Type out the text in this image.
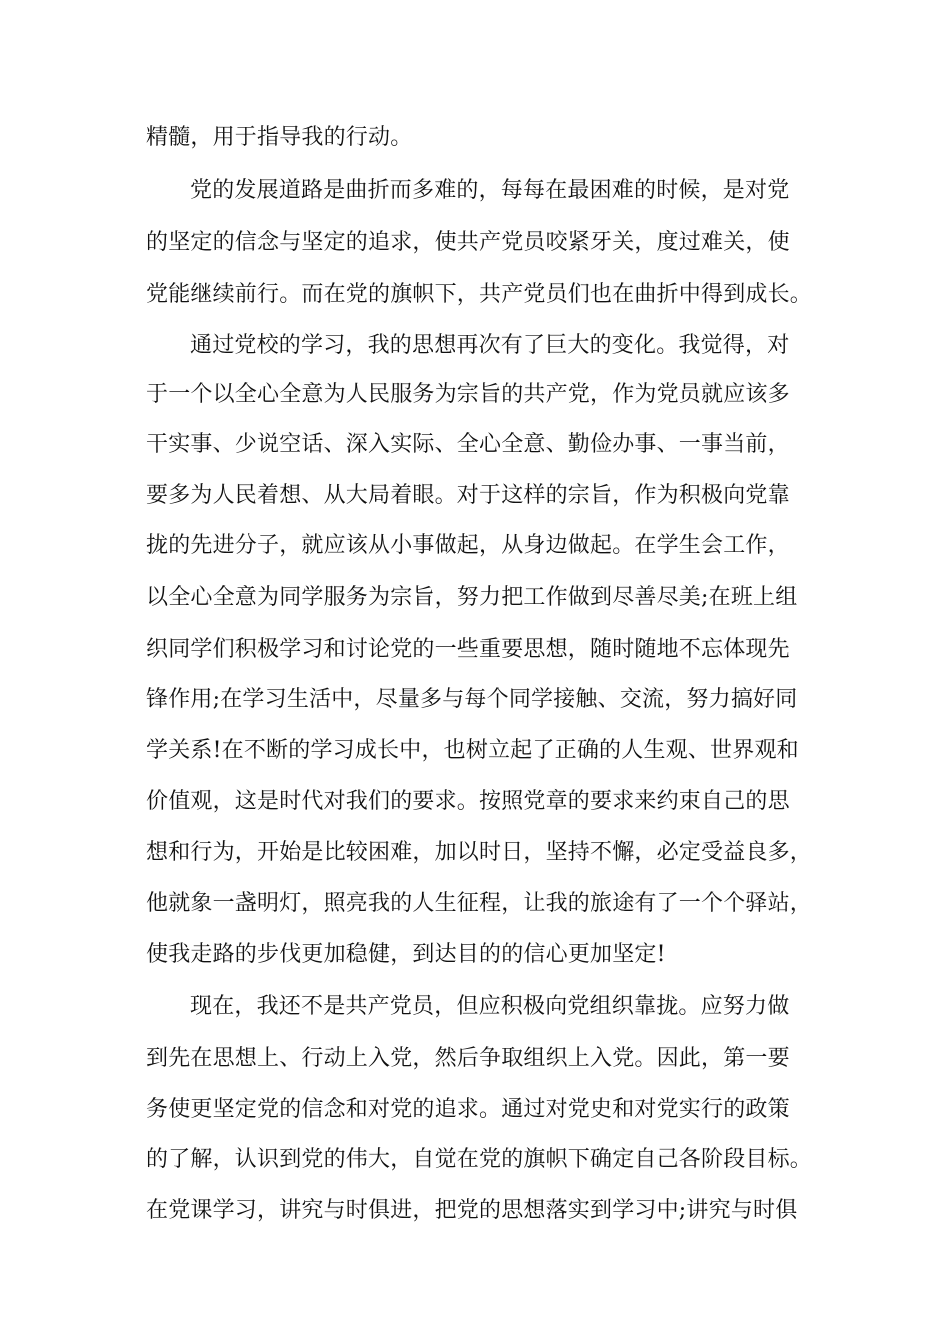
精髓，用于指导我的行动。

党的发展道路是曲折而多难的，每每在最困难的时候，是对党

的坚定的信念与坚定的追求，使共产党员咬紧牙关，度过难关，使

党能继续前行。而在党的旗帜下，共产党员们也在曲折中得到成长。

通过党校的学习，我的思想再次有了巨大的变化。我觉得，对

于一个以全心全意为人民服务为宗旨的共产党，作为党员就应该多

干实事、少说空话、深入实际、全心全意、勤俭办事、一事当前，

要多为人民着想、从大局着眼。对于这样的宗旨，作为积极向党靠

拢的先进分子，就应该从小事做起，从身边做起。在学生会工作，

以全心全意为同学服务为宗旨，努力把工作做到尽善尽美;在班上组

织同学们积极学习和讨论党的一些重要思想，随时随地不忘体现先

锋作用;在学习生活中，尽量多与每个同学接触、交流，努力搞好同

学关系!在不断的学习成长中，也树立起了正确的人生观、世界观和

价值观，这是时代对我们的要求。按照党章的要求来约束自己的思

想和行为，开始是比较困难，加以时日，坚持不懈，必定受益良多，

他就象一盏明灯，照亮我的人生征程，让我的旅途有了一个个驿站，

使我走路的步伐更加稳健，到达目的的信心更加坚定!

现在，我还不是共产党员，但应积极向党组织靠拢。应努力做

到先在思想上、行动上入党，然后争取组织上入党。因此，第一要

务使更坚定党的信念和对党的追求。通过对党史和对党实行的政策

的了解，认识到党的伟大，自觉在党的旗帜下确定自己各阶段目标。

在党课学习，讲究与时俱进，把党的思想落实到学习中;讲究与时俱
